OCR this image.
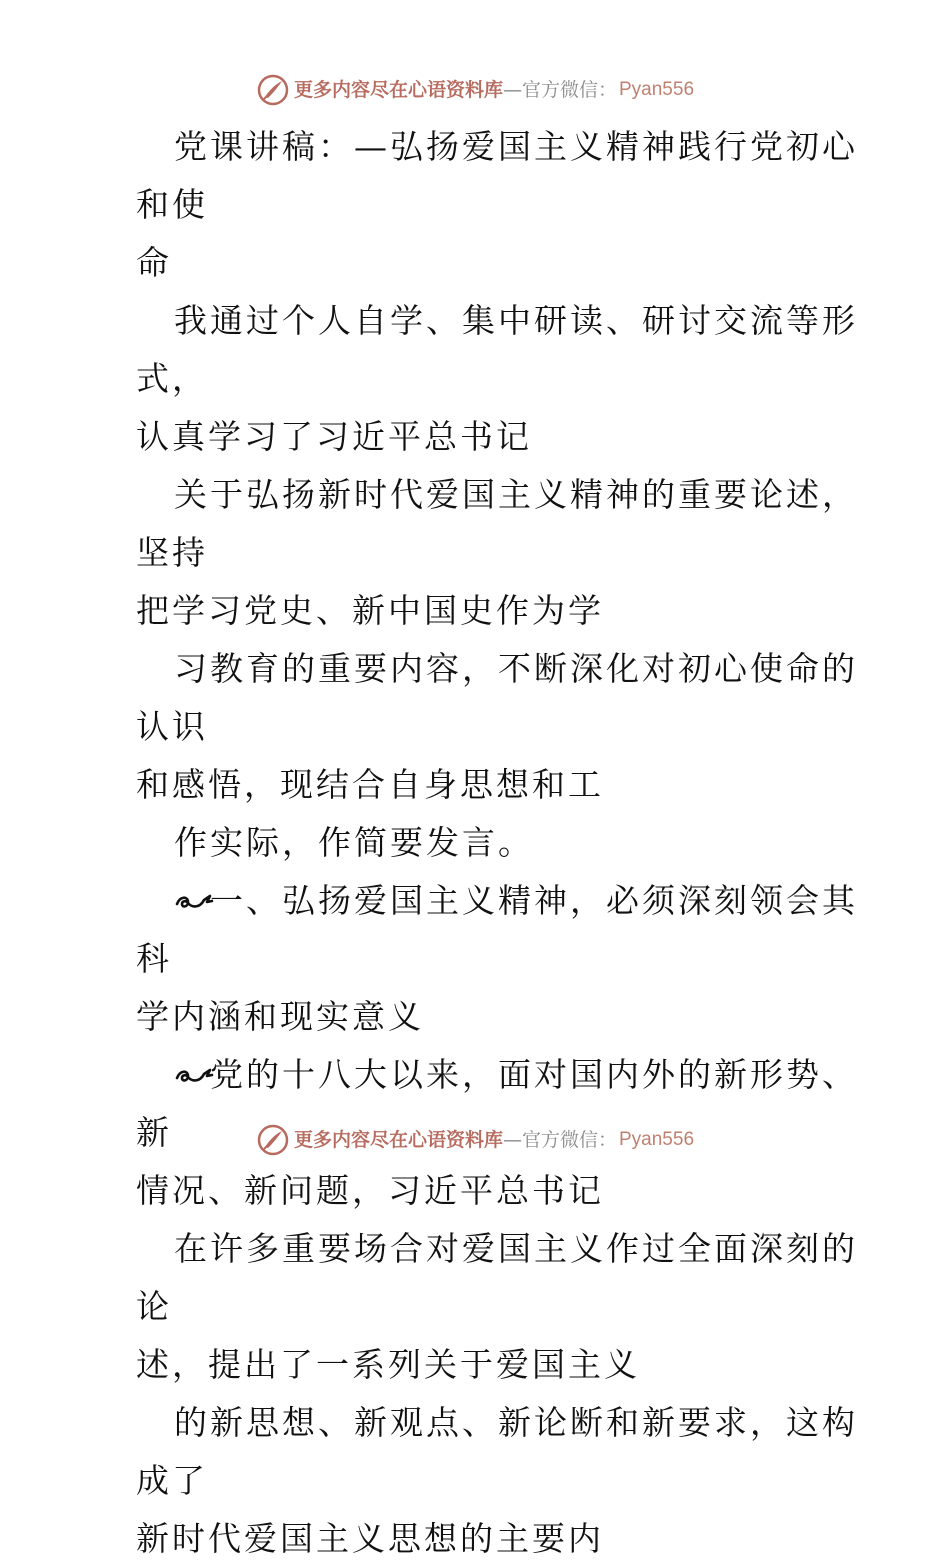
更多内容尽在心语资料库 — 官方微信： Pyan556

党课讲稿：—弘扬爱国主义精神践行党初心和使
命

我通过个人自学、集中研读、研讨交流等形式，
认真学习了习近平总书记

关于弘扬新时代爱国主义精神的重要论述，坚持
把学习党史、新中国史作为学

习教育的重要内容，不断深化对初心使命的认识
和感悟，现结合自身思想和工

作实际，作简要发言。

一、弘扬爱国主义精神，必须深刻领会其科
学内涵和现实意义

党的十八大以来，面对国内外的新形势、新
情况、新问题，习近平总书记

在许多重要场合对爱国主义作过全面深刻的论
述，提出了一系列关于爱国主义

的新思想、新观点、新论断和新要求，这构成了
新时代爱国主义思想的主要内

更多内容尽在心语资料库 — 官方微信： Pyan556
